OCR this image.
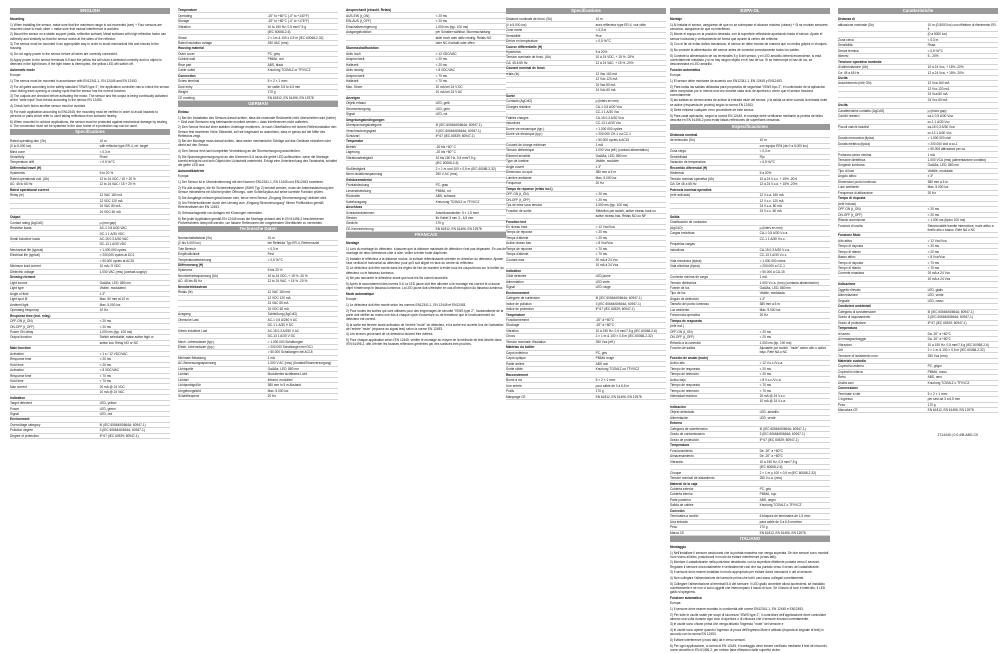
ENGLISH
Mounting
1) When installing the sensor, make sure that the maximum range is not exceeded (see) + Four sensors are mounted close to each other = make sure that mutual interference is avoided.
2) Mount the sensor on a stable support (walls, reflective surface) Metal surfaces with high reflection factor can indirectly and similarly so that the sensor works at the sides of the reflector.
3) The sensor must be mounted in an appropriate way in order to avoid mechanical hits and shocks to the housing.
4) Do not apply power to the sensor before all wires are correctly connected.
5) Apply power to the sensor terminals 5-5 and the yellow led will show a detected correctly and no object is detected in the light beam. If the light beam is interrupted, the yellow LED will switch off.
Automatic mode
Europe:
1) The sensor must be mounted in accordance with EN12341-1, EN 12445 and EN 12453.
2) For all gates according to the safety standard "ISWS type 2", the application controller has to check the sensor once during each opening or closing cycle that the sensor has the correct function.
3) The outputs are checked before activating the motor. The sensor and the output is being continually activated at the "wide input" that checks according to the sensor EN 12453.
4) Check both burns another sensor must be avoided.
5) For each application according to EN12445, the mounting must be verified in order to avoid hazards to persons or parts which refer to used taking reflections from surfaces nearby.
6) When mounted in outdoor applications, the sensor must be protected against mechanical damage by sealing it. The connection must not be splashed in the door frame of a protection cap can be used.
Specifications
Rated operating dist. (Sn)	10 m
(0 to 5,000 lux)	with reflector type ER-4, ref. target
Blind zone	< 0.3 m
Sensitivity	Fixed
Temperature drift	< 0.5 %/°C
Differential travel (H)	
Hysteresis	5 to 20 %
Rated operational volt. (Ub)	12 to 24 VDC / 15 + 20 %
AC: 45 to 65 Hz	12 to 24 VAC / 15 + 20 %
Rated operational current	
Relay (Ie)	12 VAC 160 mA
	12 VDC 120 mA
	24 VAC 80 mA
	24 VDC 60 mA
Output	
Contact rating (AgCdO)	μ (mm gap)
Resistive loads	AC-1 0.5 A/30 VAC
	DC-1 1 A/30 VDC
Small inductive loads	AC-15 0.3 A/30 VAC
	DC-13 1 A/30 VDC
Mechanical life (typical)	> 1,000,000 cycles
Electrical life (typical)	> 200,000 cycles at DC1
	> 50,000 cycles at AC15
Minimum load current	10 mA / 5 VDC
Dielectric voltage	1,000 VAC (rms) (contact-supply)
Sensing element	
Light source	GaAlAs, LED, 880 nm
Light type	Visible, modulated
Angle of field	± 3°
Light spot Ø	Max. 50 mm at 10 m
Ambient light	Max. 5,000 lux
Operating frequency	10 Hz
Response time (incl. relay)	
OFF-ON (t_ON)	< 20 ms
ON-OFF (t_OFF)	< 20 ms
Power ON delay	1,000 ms (typ. 100 ms)
Output function	Switch selectable, make active high or
	active low. Relay NO or NC
Main function	
Activation	< 1 s / 12 VDC/VAC
Response time	< 20 ms
Hold time	< 20 ms
Activation	< 8 VDC/VAC
Response time	< 70 ms
Hold time	< 70 ms
Max current	20 mA @ 24 VDC
	10 mA @ 24 VAC
Indication	
Target detected	LED, yellow
Power	LED, green
Signal	LED, red
Environment	
Overvoltage category	III (IEC 60664/60664A; 60947-1)
Pollution degree	3 (IEC 60664/60664A; 60947-1)
Degree of protection	IP 67 (IEC 60529; 60947-1)
Temperature	
Operating	-20° to +60°C (-4° to +140°F)
Storage	-20° to +80°C (-4° to +176°F)
Vibration	10 to 150 Hz, 0.5 mm/7.5 g
	(IEC 60068-2-6)
Shock	2 × 1m & 100 x 0.5 m (IEC 60068-2-32)
Rated insulation voltage	250 VAC (rms)
Housing material	
Outer cover	PC, grey
Cubicle wall	PMMA, red
Rear part	ABS, black
Cable outlet	Knurlung TC0MLZ or TFVVCZ
Connection	
Screw terminal	5 × 2 × 1 mm²
Dust entry	for cable 3.5 to 6.5 mm
Weight	170 g
CE marking	EN 61812, EN 61496, EN 12978
GERMAN
Einbau
1) Bei der Installation des Sensors darauf achten, dass die maximale Reichweite nicht überschritten wird (siehe) + Sind zwei Sensoren eng beieinander montiert werden = dass Interferenzen nicht auftreten.
2) Den Sensor fest auf einer stabilen Unterlage montieren. Je nach Oberflächen mit hohem Reflexionsfaktor den Sensor fest montieren Hohe Störanteil, soll sie insgesamt so ausrichten, dass er genau auf die Mitte des Reflektors zeigt.
3) Bei der Montage muss darauf achten, dass weder mechanische Schläge auf das Gehäuse einwirken oder direkt auf den Sensor.
4) Den Sensor erst nach kompletter Verdrahtung an die Stromversorgung anschließen.
5) Die Spannungsversorgung ist an den Klemmen 5-6 muss die gelbe LED aufleuchten, wenn die Montage korrekt erfolgt ist und kein Objekt den Lichtstrahl unterbricht. Erfolgt eine Unterbrechung des Taststrahls, schaltet die gelbe LED aus.
Automatikbetrieb
Europa:
1) Der Sensor ist in Übereinstimmung mit den Normen EN12341-1, EN 12445 und EN12453 montieren.
2) Für alle Anlagen, die für Sicherheitssysteme (ISWS Typ 2) benutzt werden, muss die Antriebssteuerung den Sensor mindestens ein Mal bei jedem Öffnungs- oder Schließzyklus auf seine korrekte Funktion prüfen.
3) Die Ausgänge müssen geschlossen sein, bevor beim Sensor „Eingang Stromversorgung“ aktiviert wird.
4) Um Fehlerfunktionen durch den Umweg zum „Eingang Stromversorgung“ führen Prüffunktion gemäß Referenzlisten der EN 12453.
5) Gebrauchsgeräte von Anlagen mit Kürzungen vermeiden.
6) Bei jeder Applikation gemäß EN 12445 muss die Montage anhand des in EN 61496-2 beschriebenen Prüfverfahrens überprüft werden, um falsche Reflexionen der umgebenden Oberflächen zu vermeiden.
Technische Daten
Nennschaltabstand (Sn)	10 m
(0 bis 5,000 lux)	bei Reflektor Typ ER-4, Referenzziel
Tote Bereich	< 0,3 m
Empfindlichkeit	Fest
Temperaturabweichung	< 0,5 %/°C
Differenzweg (H)	
Hysterese	5 bis 20 %
Nennbetriebsspannung (Ub)	10 to 24 VDC, + 15 % -20 %
AC: 45 bis 65 Hz	12 to 24 VAC, + 15 % -20 %
Nennbetriebsstrom	
Relais (Ie)	12 VAC 160 mA
	12 VDC 120 mA
	24 VAC 80 mA
	24 VDC 60 mA
Ausgang	Schließung (AgCdO)
Ohmsche Last	AC-1 0,5 A/250 V AC
	DC-1 1 A/30 V DC
Kleine induktive Last	AC-15 0,3 A/250 V AC
	DC-13 1 A/30 V DC
Mech. Lebensdauer (typ.)	> 1.000.000 Schaltungen
Elektr. Lebensdauer (typ.)	> 200.000 Schaltungen bei DC1
	> 50.000 Schaltungen bei AC15
Minimale Belastung	1 mA
AC-Bemessungsspannung	1.000 V AC (rms) (Kontakt/Stromversorgung)
Lichtquelle	GaAlAs, LED, 880 nm
Lichtart	Moduliertes sichtbares Licht
Lichtart	Infrarot, moduliert
Lichtpunktgröße	380 mm in 5 m Abstand
Umgebungslicht	Max. 5.000 lux
Schaltfrequenz	20 Hz
Ansprechzeit (einschl. Relais)	
AUS-EIN (t_ON)	< 20 ms
EIN-AUS (t_OFF)	< 20 ms
Einschaltverzögerung	1.000 ms (typ. 100 ms)
Ausgangsfunktion	per Schalter wählbar, Stummschaltung
	aktiv hoch oder aktiv niedrig. Relais NO
	oder NC-Kontakt oder offen
Stummschaltfunktion	
Aktiv hoch	> 12 VDC/VAC
Ansprechzeit	< 20 ms
Haltezeit	< 20 ms
Aktiv niedrig	< 8 VDC/VAC
Ansprechzeit	< 70 ms
Haltezeit	< 70 ms
Max. Strom	20 mA bei 24 V DC
	10 mA bei 24 V AC
Anzeigen	
Objekt erfasst	LED, gelb
Stromversorgung	LED, grün
Signal	LED, rot
Umgebungsbedingungen	
Überspannungskategorie	III (IEC 60664/60664A; 60947-1)
Verschmutzungsgrad	3 (IEC 60664/60664A; 60947-1)
Schutzart	IP 67 (IEC 60529; 60947-1)
Temperatur	
Betrieb	-20 bis +60° C
Lagerung	-20 bis +80° C
Vibrationsfestigkeit	10 bis 150 Hz, 0,5 mm/7,5 g
	(IEC 60068-2-6)
Stoßfestigkeit	2 × 1 m und 100 × 0,5 m (IEC 60068-2-32)
Nenn-Isolationsspannung	250 V AC (rms)
Gehäusematerial	
Frontabdeckung	PC, grau
Linsenabdeckung	PMMA, rot
Rückseite	ABS, schwarz
Kabelausgang	Kreuzung TC0MLZ or TFVVCZ
Anschluss	
Schraubenklemmen	Anschlussstecker, 5 × 1,5 mm²
Stecker	für Kabel 3 mm 3 - 6,5 mm
Gewicht	170 g
CE-Kennzeichnung	EN 61812, EN 61496, EN 12978
FRANCAIS
Montage
1) Lors du montage du détecteur, s'assurer que la distance maximale de détection n'est pas dépassée. En cas de montage de deux détecteurs côte à côte, veiller à éviter toute diaphonie.
2) Installer le réflecteur à la distance voulue, la surface réfléchissante orientée en direction du détecteur. Ajuster l'axe vertical et horizontal du détecteur pour qu'il soit aligné en face du centre du réflecteur.
3) Le détecteur doit être monté dans les règles de l'art de manière à éviter tous les coups/chocs sur le boîtier du détecteur ou le faisceau lumineux.
4) Ne pas raccorder le détecteur avant que tous les fils soient raccordés.
5) Après le raccordement des bornes 5-6, la LED jaune doit être allumée si le montage est correct et si aucun objet n'interrompt le faisceau lumineux. La LED jaune doit s'éteindre en cas d'interruption du faisceau lumineux.
Mode automatique
Europe :
1) Le détecteur doit être monté selon les normes EN12341-1, EN 12445 et EN12453.
2) Pour toutes les sorties qui sont utilisées pour des engrenages de sécurité "ISWS type 2", l'automatisme de la porte doit vérifier au moins une fois à chaque cycle d'ouverture ou de fermeture que le fonctionnement du détecteur est correct.
3) la sortie est fermée avant activation de l'entrée "mute" du détecteur, et la sortie est ouverte lors de l'activation de l'entrée "mute" (réponse au signal test) selon la norme EN 12453.
4) Les erreurs provenant de ce détecteur doivent être évitées.
5) Pour chaque application selon l'EN 12445, vérifier le montage au moyen de la méthode de test décrite dans l'EN 61496-2, afin d'éviter les fausses réflexions générées par des surfaces très proches.
Specifications
Distance nominale de fonct. (Sn)	10 m
(0 à 5,000 lux)	avec réflecteur type ER-4, voir cible
Zone morte	< 0,3 m
Sensibilité	Fixe
Dérive en température	< 0,5 %/°C
Course différentielle (H)	
Hystérésis	5 à 20%
Tension nominale de fonct. (Ub)	10 à 24 VDC, + 15 % -20%
CA: 45 à 65 Hz	12 à 24 VAC, + 15 % -20%
Courant nominal de fonct.	
relais (Ie)	12 Vac 160 mA
	12 Vdc 120 mA
	24 Vac 80 mA
	24 Vdc 60 mA
Sortie	
Contacts (AgCdO)	μ (interv.en mm)
Charges résistive	CA-1 0,5 A/30 Vca
	CC-1 1 A/30 Vcc
Faibles charges	CA-15 0,3 A/30 Vca
inductives	CC-13 1 A/30 Vcc
Durée vie mécanique (typ.)	> 1.000.000 cycles
Durée vie électrique (typ.)	> 200.000 CH-1 ou CC-1
	> 50.000 cycles à AC15
Courant de charge minimum	1 mA
Tension diélectrique	1.000 Vca (eff.) (contact-alimentation)
Elément sensible	GaAlAs, LED, 880 nm
Type de lumière	Visible, modulée
Angle ouvert	± 3°
Dimension du spot	380 mm à 5 m
Lumière ambiante	Max. 5.000 lux
Fréquence	20 Hz
Temps de réponse (relais incl.)	
OFF-ON (t_ON)	< 20 ms
ON-OFF (t_OFF)	< 20 ms
Tps de mise sous tension	1.000 ms (typ. 100 ms)
Fonction de sortie	Sélection par switch, active niveau haut ou
	active niveau bas. Relais NO ou NF
Fonction test	
En niveau haut	> 12 Vcc/Vca
Temps de réponse	< 20 ms
Temps d'attente	< 20 ms
Active niveau bas	< 8 Vcc/Vca
Temps de réponse	< 70 ms
Temps d'attente	< 70 ms
Courant max	20 mA à 24 Vcc
	10 mA à 24 Vca
Indication	
Cible détectée	LED jaune
Alimentation	LED verte
Signal	LED rouge
Environnement	
Catégorie de surtension	III (IEC 60664/60664A; 60947-1)
Indice de pollution	3 (IEC 60664/60664A; 60947-1)
Indice de protection	IP 67 (IEC 60529; 60947-1)
Température	
Fonctionnement	-20° à +60°C
Stockage	-20° à +80°C
Vibration	10 à 150 Hz, 0,5 mm/7,5 g (IEC 60068-2-6)
Chocs	2 × 1 m & 100 × 0,5 m (IEC 60068-2-32)
Tension nominale d'isolation	250 Vca (eff.)
Matériau du boîtier	
Capot extérieur	PC, gris
Capot optique	PMMA rouge
Partie arrière	ABS noir
Sortie câble	Knurlung TC0MLZ ou TFVVCZ
Raccordement	
Borne à vis	5 × 2 × 1 mm²
Une entrée	pour câble de 3 à 6,5 m
Poids	170 g
Marquage CE	EN 61812, EN 61496, EN 12978
ESPA-OL
Montaje
1) Al instalar el sensor, asegúrese de que no se sobrepase el alcance máximo (véase) + Si se montan sensores cercanos, asegúrese de que no interfieran.
2) Monte el equipo en la posición deseada, con la superficie reflectante apuntando hacia el sensor. Ajuste el sensor horizontal y verticalmente de forma que apunte al centro del reflector.
3) Con el fin de evitar daños mecánicos, el sensor se debe montar de manera que no reciba golpes ni choques.
4) No conecte la alimentación del sensor antes de conectar correctamente todos los cables.
5) Conecte la alimentación de los terminales 5 y 6 del sensor, y el LED amarillo deberá encenderse, si está correctamente instalado y si no hay ningún objeto en el haz de luz. Si se interrumpe el haz de luz, se desconectará el LED amarillo.
Función automática
Europa:
1) El sensor debe montarse de acuerdo con EN12341-1, EN 12445 y EN12453.
2) Para todas las salidas utilizadas para propósitos de seguridad "ISWS tipo 2", el controlador de la aplicación debe comprobar por lo menos una vez durante cada ciclo de apertura o cierre que el sensor funciona correctamente.
3) las salidas se cierran antes de activar la entrada mute del sensor, y la salida se abre cuando la entrada mute se active (respuesta de prueba) según la norma EN 12453.
4) Debe evitarse cualquier error procedente de este sensor.
5) Para cada aplicación, según la norma EN 12445, el montaje debe verificarse mediante la prueba de fallos descrita en EN 61496-2 para evitar falsas reflexiones de superficies cercanas.
Especificaciones
Distancia nominal	
de detección (Sn)	10 m
	con equipo ER4 (de 0 a 5.000 lux)
Zona ciega	< 0,3 m
Sensibilidad	Fijo
Variación de temperatura	< 0,5 %/°C
Recorrido diferencial (H)	
Histéresis	5 a 20%
Tensión nominal operativa (Ub)	10 a 24 V.c.c. + 15% -20%
CA: De 45 a 65 Hz	12 a 24 V.c.a. + 15% -20%
Potencia nominal operativa	
(relé activado)	12 V.c.a. 160 mA
	12 V.c.c. 120 mA
	24 V.c.a. 80 mA
	24 V.c.c. 60 mA
Salida	
Clasificación de contactos	
(AgCdO)	μ (interv.en mm)
Cargas resistivas	CA-1 0,5 A/30 V.c.a.
	CC-1 1 A/30 V.c.c.
Pequeñas cargas	
inductivas	CA-15 0,3 A/30 V.c.a.
	CC-13 1 A/30 V.c.c.
Vida mecánica (típica)	> 1.000.000 ciclos
Vida eléctrica (típica)	> 200.000 a CC-1
	> 50.000 a CA-15
Corriente mínima de carga	1 mA
Tensión dieléctrica	1.000 V.c.a. (rms) (contacto-alimentación)
Fuente de luz	GaAlAs, LED, 880 nm
Tipo de luz	Visible, modulada
Ángulo de detección	± 3°
Tamaño del punto luminoso	380 mm a 5 m
Luz ambiente	Máx. 5.000 lux
Frecuencia operativa	20 Hz
Tiempo de respuesta	
(relé incl.)	
OFF-ON (t_ON)	< 20 ms
ON-OFF (t_OFF)	< 20 ms
Retardo a la conexión	1.000 ms (típ. 100 ms)
Función de salida	Ajustable por switch, "mute" activo alto o activo bajo. Relé NA o NC
Función de anular (mute)	
Activo alto	> 12 V.c.c./V.c.a.
Tiempo de respuesta	< 20 ms
Tiempo de retención	< 20 ms
Activo bajo	< 8 V.c.c./V.c.a.
Tiempo de respuesta	< 70 ms
Tiempo de retención	< 70 ms
Intensidad máxima	20 mA @ 24 V.c.c.
	10 mA @ 24 V.c.a.
Indicación	
Objeto detectado	LED, amarillo
Alimentación	LED, verde
Entorno	
Categoría de sobretensión	III (IEC 60664/60664A; 60947-1)
Grado de contaminación	3 (IEC 60664/60664A; 60947-1)
Grado de protección	IP 67 (IEC 60529; 60947-1)
Temperatura	
Funcionamiento	De -20° a +60°C
Almacenamiento	De -20° a +80°C
Vibración	10 a 150 Hz, 0,5 mm/7,5 g
	(IEC 60068-2-6)
Choque	2 × 1 m y 100 × 0,5 m (IEC 60068-2-32)
Tensión nominal de aislamiento	250 V.c.a. (rms)
Material de la caja	
Cubierta exterior	PC, gris
Cubierta interior	PMMA, rojo
Parte posterior	ABS, negro
Salida de cables	Knurlung TC0MLZ o TFVVCZ
Conexión	
Terminales a tornillo	6 bloques de terminales de 1,5 mm²
Una entrada	para cable de 3 a 6,5 mm/mm
Peso	170 g
Marca CE	EN 61812, EN 61496, EN 12978
ITALIANO
Montaggio
1) Nell'installare il sensore assicurarsi che la portata massima non venga superata. Se due sensori sono montati l'uno vicino all'altro, posizionarli in modo da evitare interferenze (cross-talk).
2) Montare il catadiottrante nella posizione desiderata, con la superficie riflettente puntata verso il sensore. Regolare il sensore orizzontalmente e verticalmente così che sia puntato verso il centro del catadiottrante.
3) Il sensore deve essere installato in modo appropriato per evitare danni meccanici e urti al sensore.
4) Non collegare l'alimentazione del sensore prima che tutti i cavi siano collegati correttamente.
5) Collegare l'alimentazione ai terminali 5-6 del sensore: il LED giallo dovrebbe allora accendersi, se installato correttamente e se non ci sono oggetti che interrompano il fascio di luce. Se il fascio di luce è interrotto, il LED giallo si spegnerà.
Funzione automatica
Europa:
1) Il sensore deve essere montato in conformità alle norme EN12341-1, EN 12445 e EN12453.
2) Per tutte le uscite usate per scopi di sicurezza "ISWS type 2", il controllore dell'applicazione deve controllare almeno una volta durante ogni ciclo di apertura o di chiusura che il sensore funzioni correttamente.
3) le uscite sono chiuse prima che venga attivato l'ingresso "mute" del sensore e
4) le uscite sono aperte quando l'ingresso di prova dell'ingresso Mute è attivato (risposta al segnale di test) in accordo con la norma EN 12453.
5) Evitare interferenze (cross talk) da e verso sensori.
6) Per ogni applicazione, a norma di EN 12445, il montaggio deve essere verificato mediante il test dei riscontri, come descritto in EN 61496-2, per evitare false riflessioni dalle superfici vicine.
Caratteristiche
Distanza di	
attivazione nominale (Sn)	10 m (0-5000 lux) con riflettore di riferimento ER-4
	(0 a 5000 lux)
Zona cieca	< 0,3 m
Sensibilità	Fissa
Deriva termica	< 0,5 %/°C
Isteresi	5 - 20%
Tensione operativa nominale	
di alimentazione (Ub)	10 a 24 Vcc, + 15% -20%
Ca: 45 a 65 Hz	12 a 24 Vca, + 15% -20%
Uscita	
Assorbimento (relè ON)	12 Vca 160 mA
	12 Vcc 120 mA
	24 Vca 80 mA
	24 Vcc 60 mA
Uscita	
Caratteristiche contatto (AgCdO)	μ (micro gap)
Carichi resistivi	ca-1 0,5 A/30 Vca
	cc-1 1 A/30 Vcc
Piccoli carichi induttivi	ca-15 0,3 A/30 Vca
	cc-13 1 A/30 Vcc
Durata meccanica (tipica)	> 1.000.000 cicli
Durata elettrica (tipica)	> 200.000 cicli a cc-1
	> 50.000 attivazioni per ca
Portanza carico minima	1 mA
Tensione dielettrica	1.000 VCA (rms) (alimentazione contatto)
Sorgente luminosa	GaAlAs, LED, 880 nm
Tipo di luce	Visibile, modulata
Angolo attivo	± 3°
Dimensioni punto luminoso	380 mm a 5 m
Luce ambiente	Max. 5.000 lux
Frequenza di attivazione	20 Hz
Tempo di risposta	
(relè incluso)	
OFF-ON (t_ON)	< 20 ms
ON-OFF (t_OFF)	< 20 ms
Ritardo accensione	< 1.000 ms (tipico 100 ms)
Funzioni di uscita	Selezionabile tramite interruttore, mute attivo a livello alto o basso. Relè NA o NC
Funzione Muto	
Alto attivo	> 12 Vcc/Vca
Tempo di risposta	< 20 ms
Tempo di ritardo	< 20 ms
Basso attivo	< 8 Vcc/Vca
Tempo di risposta	< 70 ms
Tempo di ritardo	< 70 ms
Corrente massima	20 mA a 24 Vcc
	10 mA a 24 Vca
Indicazione	
Oggetto rilevato	LED, giallo
Alimentazione	LED, verde
Segnale	LED, rosso
Condizioni ambientali	
Categoria di sovratensione	III (IEC 60664/60664A; 60947-1)
Grado di inquinamento	3 (IEC 60664/60664A; 60947-1)
Grado di protezione	IP 67 (IEC 60529; 60947-1)
Temperatura	
di lavoro	Da -20° a +60°C
di immagazzinaggio	Da -20° a +80°C
Vibrazioni	10 a 150 Hz, 0,5 mm/7,5 g (IEC 60068-2-6)
Urti	2 × 1 m & 100 × 0,5 m (IEC 60068-2-32)
Tensione di isolamento nom.	250 Vca (rms)
Materiale custodia	
Coperchio esterno	PC, grigio
Coperchio interno	PMMA, rosso
Retro	ABS, nero
Uscita cavi	Knurlung TC0MLZ o TFVVCZ
Connessione	
Terminale a vite	5 × 2 × 1 mm²
1 ingresso	per cavi da 3 a 6,5 mm
Peso	170 g
Marcatura CE	EN 61812, EN 61496, EN 12978
2714440 | 0.0.4/B-ABG-C5
